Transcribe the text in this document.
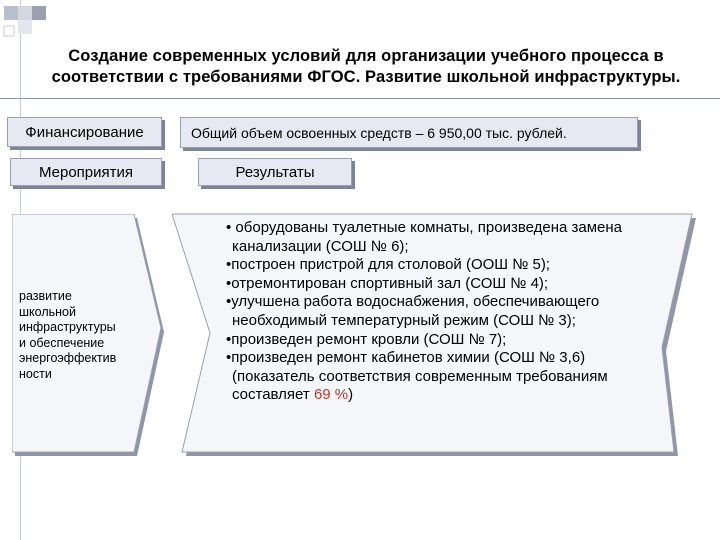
Создание современных условий для организации учебного процесса в
соответствии с требованиями ФГОС. Развитие школьной инфраструктуры.
Финансирование	Общий объем освоенных средств – 6 950,00 тыс. рублей.
Мероприятия	Результаты
развитие
школьной
инфраструктуры
и обеспечение
энергоэффектив
ности
• оборудованы туалетные комнаты, произведена замена канализации (СОШ № 6);
•построен пристрой для столовой (ООШ № 5);
•отремонтирован спортивный зал (СОШ № 4);
•улучшена работа водоснабжения, обеспечивающего необходимый температурный режим (СОШ № 3);
•произведен ремонт кровли (СОШ № 7);
•произведен ремонт кабинетов химии (СОШ № 3,6) (показатель соответствия современным требованиям составляет 69 %)
